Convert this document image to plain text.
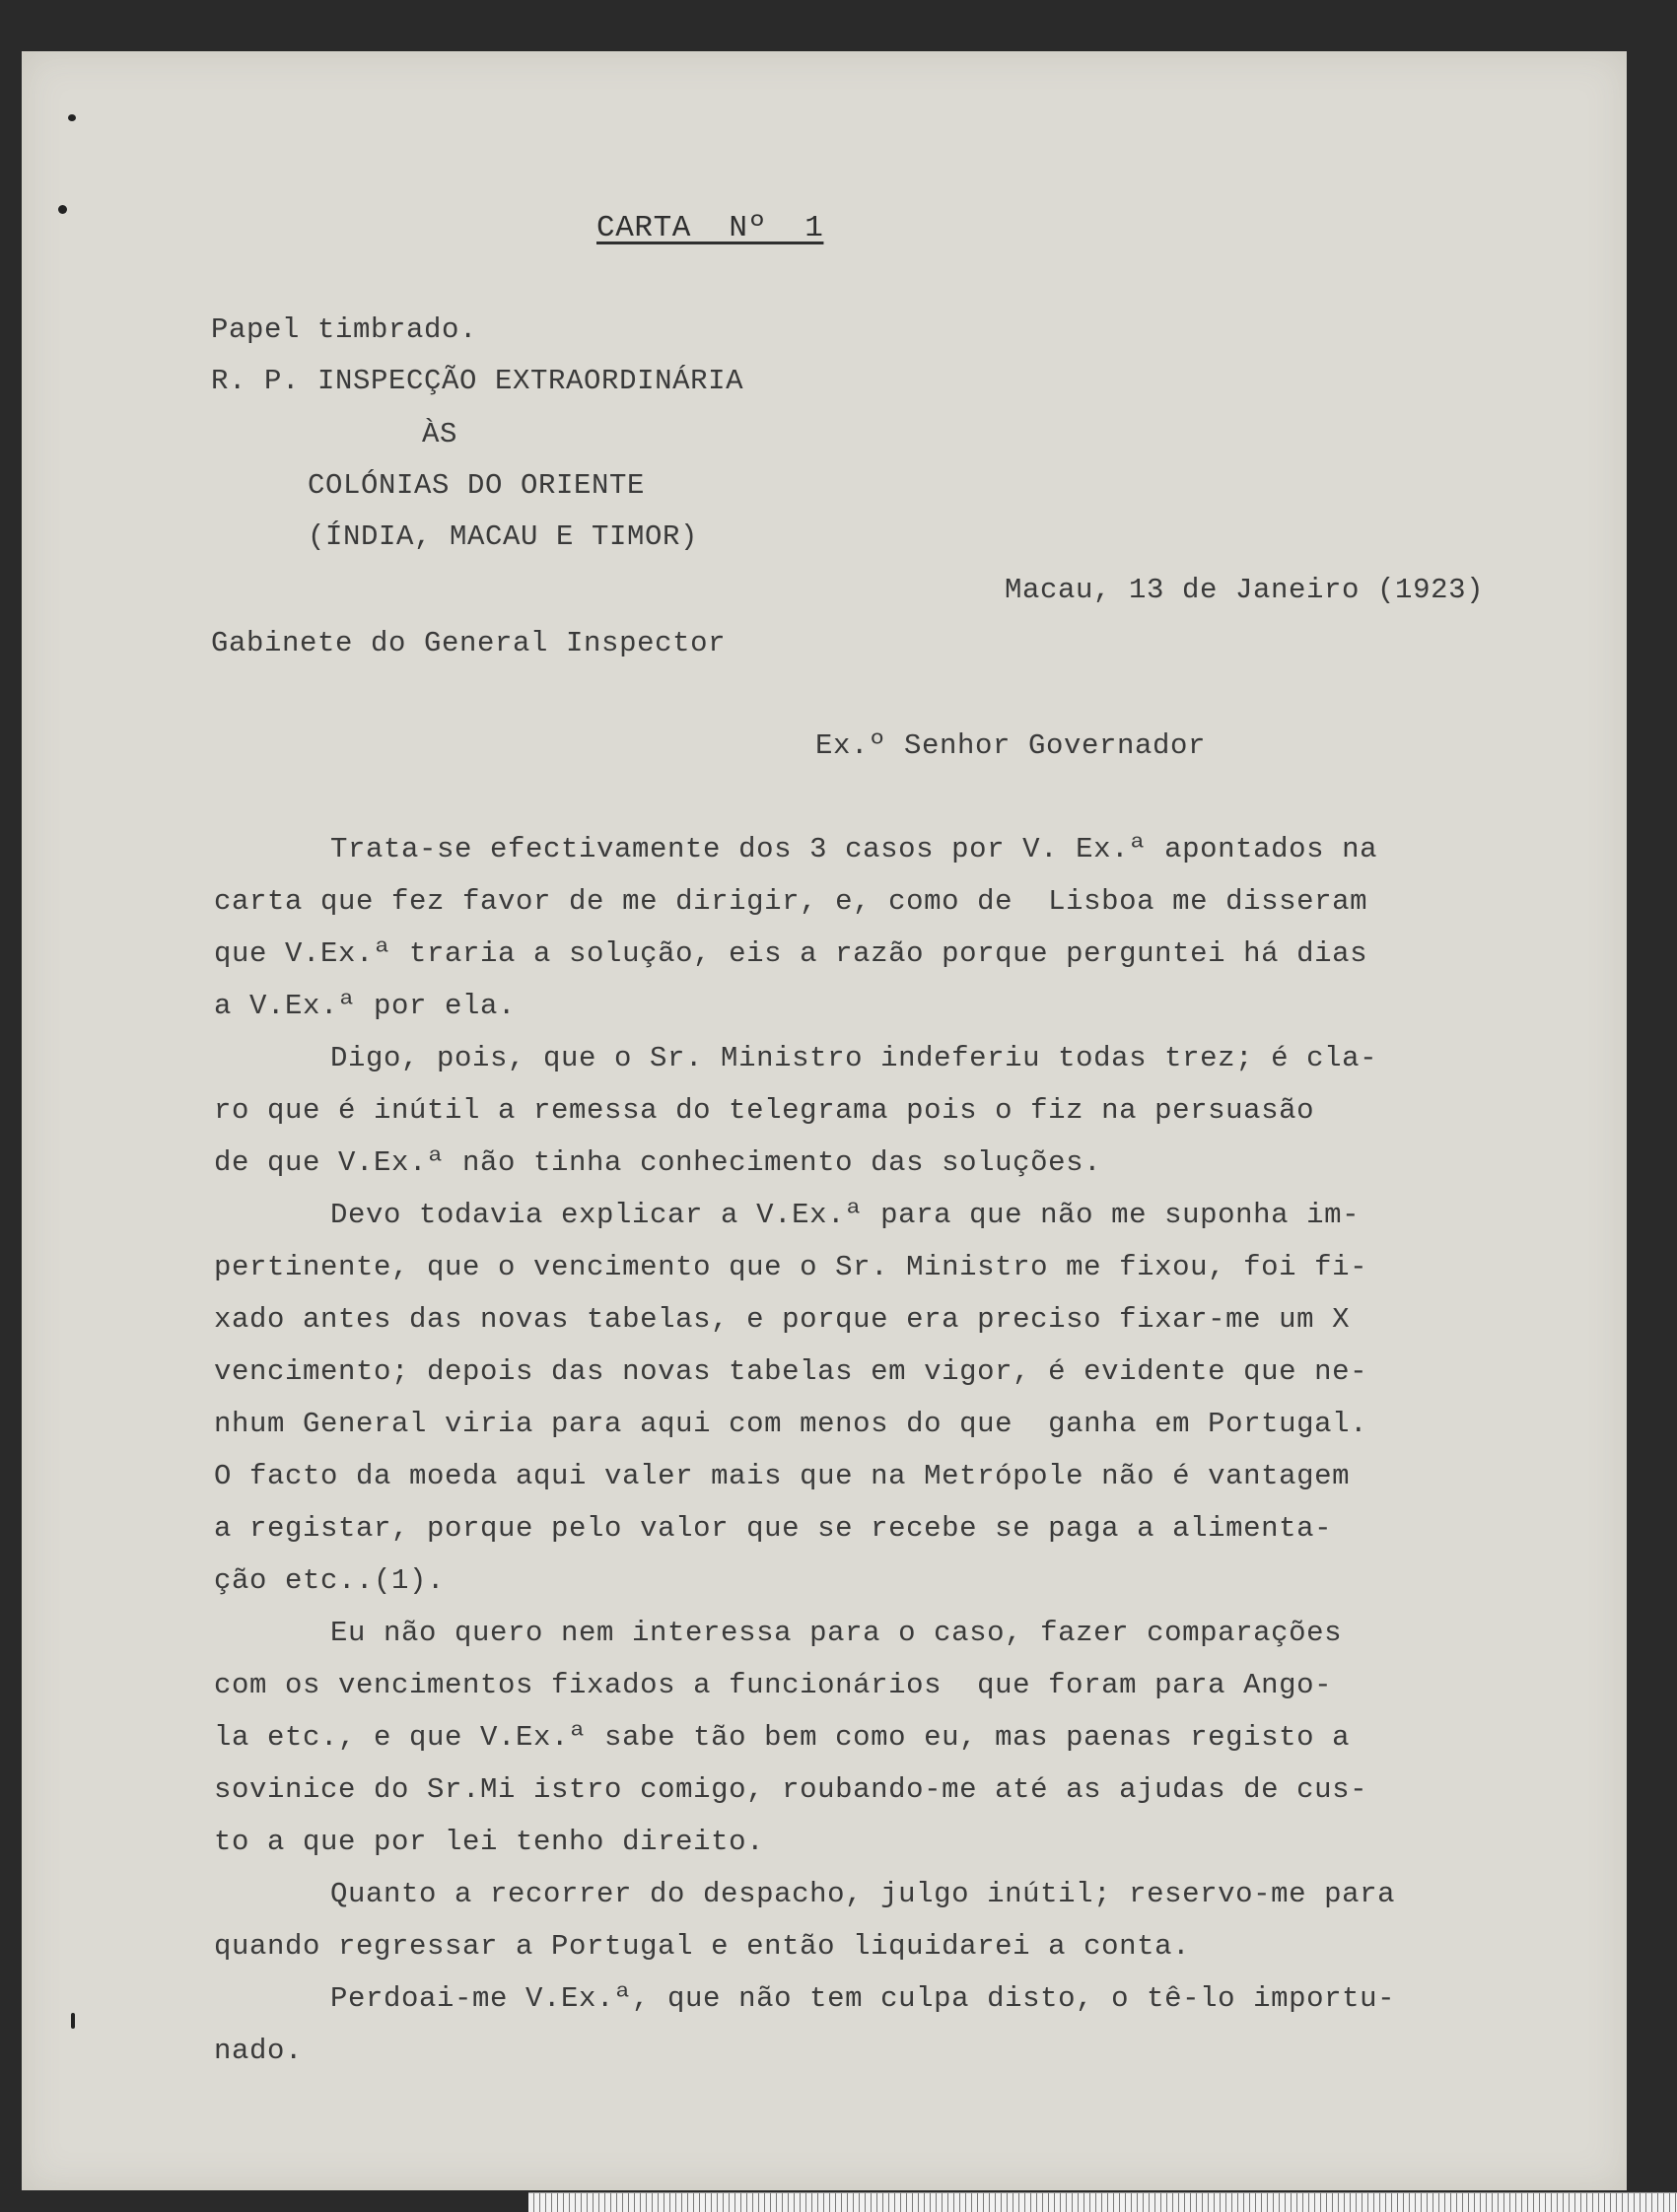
CARTA  Nº  1
Papel timbrado.
R. P. INSPECÇÃO EXTRAORDINÁRIA
ÀS
COLÓNIAS DO ORIENTE
(ÍNDIA, MACAU E TIMOR)
Macau, 13 de Janeiro (1923)
Gabinete do General Inspector
Ex.º Senhor Governador
Trata-se efectivamente dos 3 casos por V. Ex.ª apontados na
carta que fez favor de me dirigir, e, como de  Lisboa me disseram
que V.Ex.ª traria a solução, eis a razão porque perguntei há dias
a V.Ex.ª por ela.
Digo, pois, que o Sr. Ministro indeferiu todas trez; é cla-
ro que é inútil a remessa do telegrama pois o fiz na persuasão
de que V.Ex.ª não tinha conhecimento das soluções.
Devo todavia explicar a V.Ex.ª para que não me suponha im-
pertinente, que o vencimento que o Sr. Ministro me fixou, foi fi-
xado antes das novas tabelas, e porque era preciso fixar-me um X
vencimento; depois das novas tabelas em vigor, é evidente que ne-
nhum General viria para aqui com menos do que  ganha em Portugal.
O facto da moeda aqui valer mais que na Metrópole não é vantagem
a registar, porque pelo valor que se recebe se paga a alimenta-
ção etc..(1).
Eu não quero nem interessa para o caso, fazer comparações
com os vencimentos fixados a funcionários  que foram para Ango-
la etc., e que V.Ex.ª sabe tão bem como eu, mas paenas registo a
sovinice do Sr.Mi istro comigo, roubando-me até as ajudas de cus-
to a que por lei tenho direito.
Quanto a recorrer do despacho, julgo inútil; reservo-me para
quando regressar a Portugal e então liquidarei a conta.
Perdoai-me V.Ex.ª, que não tem culpa disto, o tê-lo importu-
nado.
